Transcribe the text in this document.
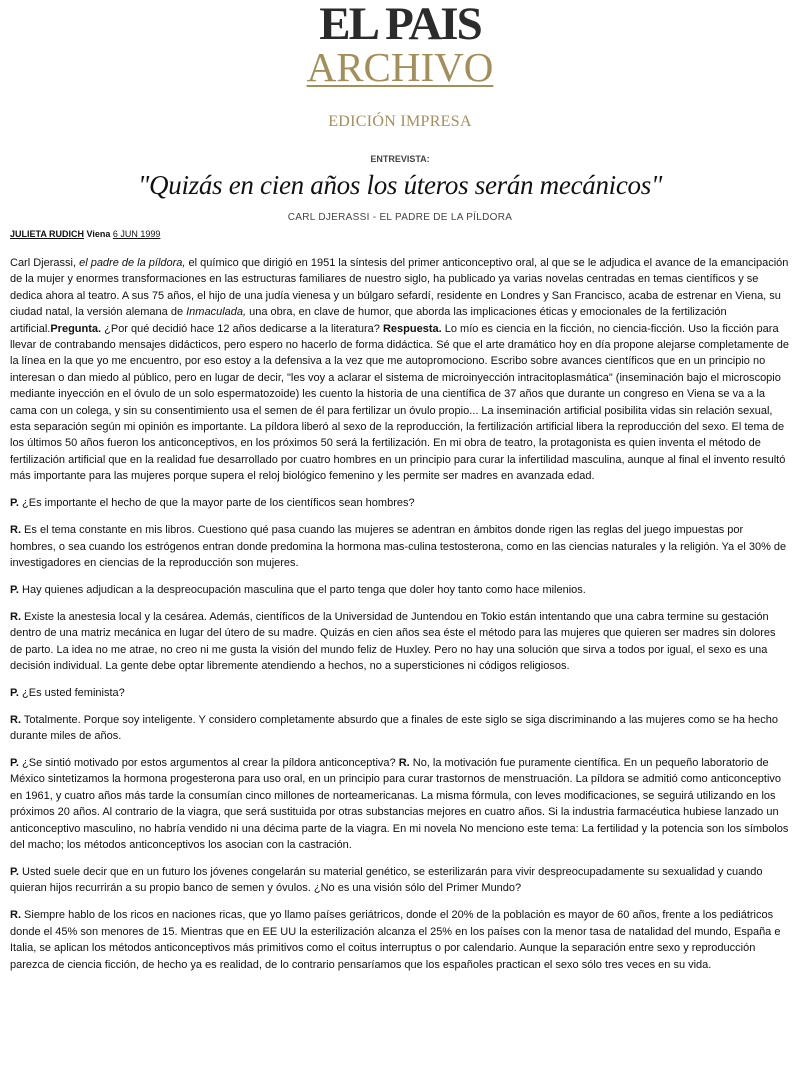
EL PAIS
ARCHIVO
EDICIÓN IMPRESA
ENTREVISTA:
"Quizás en cien años los úteros serán mecánicos"
CARL DJERASSI - EL PADRE DE LA PÍLDORA
JULIETA RUDICH Viena 6 JUN 1999

Carl Djerassi, el padre de la píldora, el químico que dirigió en 1951 la síntesis del primer anticonceptivo oral, al que se le adjudica el avance de la emancipación de la mujer y enormes transformaciones en las estructuras familiares de nuestro siglo, ha publicado ya varias novelas centradas en temas científicos y se dedica ahora al teatro. A sus 75 años, el hijo de una judía vienesa y un búlgaro sefardí, residente en Londres y San Francisco, acaba de estrenar en Viena, su ciudad natal, la versión alemana de Inmaculada, una obra, en clave de humor, que aborda las implicaciones éticas y emocionales de la fertilización artificial.Pregunta. ¿Por qué decidió hace 12 años dedicarse a la literatura? Respuesta. Lo mío es ciencia en la ficción, no ciencia-ficción. Uso la ficción para llevar de contrabando mensajes didácticos, pero espero no hacerlo de forma didáctica. Sé que el arte dramático hoy en día propone alejarse completamente de la línea en la que yo me encuentro, por eso estoy a la defensiva a la vez que me autopromociono. Escribo sobre avances científicos que en un principio no interesan o dan miedo al público, pero en lugar de decir, "les voy a aclarar el sistema de microinyección intracitoplasmática" (inseminación bajo el microscopio mediante inyección en el óvulo de un solo espermatozoide) les cuento la historia de una científica de 37 años que durante un congreso en Viena se va a la cama con un colega, y sin su consentimiento usa el semen de él para fertilizar un óvulo propio... La inseminación artificial posibilita vidas sin relación sexual, esta separación según mi opinión es importante. La píldora liberó al sexo de la reproducción, la fertilización artificial libera la reproducción del sexo. El tema de los últimos 50 años fueron los anticonceptivos, en los próximos 50 será la fertilización. En mi obra de teatro, la protagonista es quien inventa el método de fertilización artificial que en la realidad fue desarrollado por cuatro hombres en un principio para curar la infertilidad masculina, aunque al final el invento resultó más importante para las mujeres porque supera el reloj biológico femenino y les permite ser madres en avanzada edad.

P. ¿Es importante el hecho de que la mayor parte de los científicos sean hombres?

R. Es el tema constante en mis libros. Cuestiono qué pasa cuando las mujeres se adentran en ámbitos donde rigen las reglas del juego impuestas por hombres, o sea cuando los estrógenos entran donde predomina la hormona mas-culina testosterona, como en las ciencias naturales y la religión. Ya el 30% de investigadores en ciencias de la reproducción son mujeres.

P. Hay quienes adjudican a la despreocupación masculina que el parto tenga que doler hoy tanto como hace milenios.

R. Existe la anestesia local y la cesárea. Además, científicos de la Universidad de Juntendou en Tokio están intentando que una cabra termine su gestación dentro de una matriz mecánica en lugar del útero de su madre. Quizás en cien años sea éste el método para las mujeres que quieren ser madres sin dolores de parto. La idea no me atrae, no creo ni me gusta la visión del mundo feliz de Huxley. Pero no hay una solución que sirva a todos por igual, el sexo es una decisión individual. La gente debe optar libremente atendiendo a hechos, no a supersticiones ni códigos religiosos.

P. ¿Es usted feminista?

R. Totalmente. Porque soy inteligente. Y considero completamente absurdo que a finales de este siglo se siga discriminando a las mujeres como se ha hecho durante miles de años.

P. ¿Se sintió motivado por estos argumentos al crear la píldora anticonceptiva? R. No, la motivación fue puramente científica. En un pequeño laboratorio de México sintetizamos la hormona progesterona para uso oral, en un principio para curar trastornos de menstruación. La píldora se admitió como anticonceptivo en 1961, y cuatro años más tarde la consumían cinco millones de norteamericanas. La misma fórmula, con leves modificaciones, se seguirá utilizando en los próximos 20 años. Al contrario de la viagra, que será sustituida por otras substancias mejores en cuatro años. Si la industria farmacéutica hubiese lanzado un anticonceptivo masculino, no habría vendido ni una décima parte de la viagra. En mi novela No menciono este tema: La fertilidad y la potencia son los símbolos del macho; los métodos anticonceptivos los asocian con la castración.

P. Usted suele decir que en un futuro los jóvenes congelarán su material genético, se esterilizarán para vivir despreocupadamente su sexualidad y cuando quieran hijos recurrirán a su propio banco de semen y óvulos. ¿No es una visión sólo del Primer Mundo?

R. Siempre hablo de los ricos en naciones ricas, que yo llamo países geriátricos, donde el 20% de la población es mayor de 60 años, frente a los pediátricos donde el 45% son menores de 15. Mientras que en EE UU la esterilización alcanza el 25% en los países con la menor tasa de natalidad del mundo, España e Italia, se aplican los métodos anticonceptivos más primitivos como el coitus interruptus o por calendario. Aunque la separación entre sexo y reproducción parezca de ciencia ficción, de hecho ya es realidad, de lo contrario pensaríamos que los españoles practican el sexo sólo tres veces en su vida.
